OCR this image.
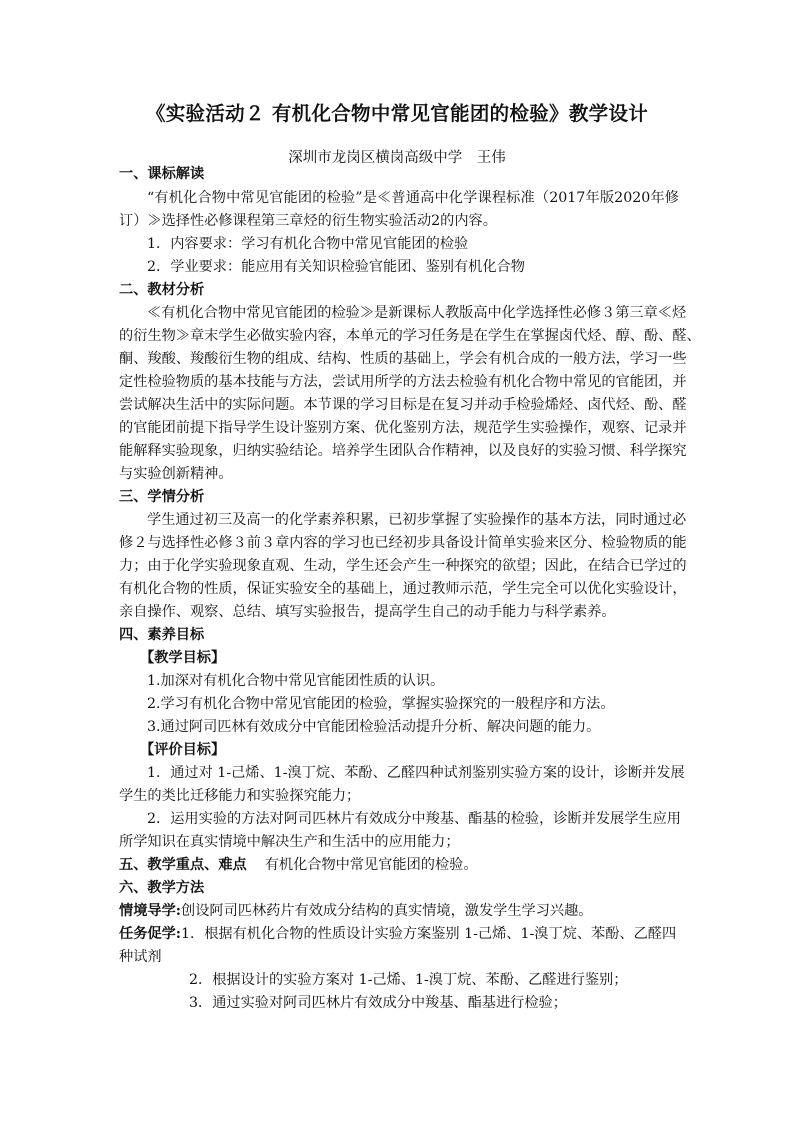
《实验活动２ 有机化合物中常见官能团的检验》教学设计
深圳市龙岗区横岗高级中学　王伟
一、课标解读
“有机化合物中常见官能团的检验”是≪普通高中化学课程标准（2017年版2020年修
订）≫选择性必修课程第三章烃的衍生物实验活动2的内容。
1．内容要求：学习有机化合物中常见官能团的检验
2．学业要求：能应用有关知识检验官能团、鉴别有机化合物
二、教材分析
≪有机化合物中常见官能团的检验≫是新课标人教版高中化学选择性必修３第三章≪烃
的衍生物≫章末学生必做实验内容，本单元的学习任务是在学生在掌握卤代烃、醇、酚、醛、
酮、羧酸、羧酸衍生物的组成、结构、性质的基础上，学会有机合成的一般方法，学习一些
定性检验物质的基本技能与方法，尝试用所学的方法去检验有机化合物中常见的官能团，并
尝试解决生活中的实际问题。本节课的学习目标是在复习并动手检验烯烃、卤代烃、酚、醛
的官能团前提下指导学生设计鉴别方案、优化鉴别方法，规范学生实验操作，观察、记录并
能解释实验现象，归纳实验结论。培养学生团队合作精神，以及良好的实验习惯、科学探究
与实验创新精神。
三、学情分析
学生通过初三及高一的化学素养积累，已初步掌握了实验操作的基本方法，同时通过必
修２与选择性必修３前３章内容的学习也已经初步具备设计简单实验来区分、检验物质的能
力；由于化学实验现象直观、生动，学生还会产生一种探究的欲望；因此，在结合已学过的
有机化合物的性质，保证实验安全的基础上，通过教师示范，学生完全可以优化实验设计，
亲自操作、观察、总结、填写实验报告，提高学生自己的动手能力与科学素养。
四、素养目标
【教学目标】
1.加深对有机化合物中常见官能团性质的认识。
2.学习有机化合物中常见官能团的检验，掌握实验探究的一般程序和方法。
3.通过阿司匹林有效成分中官能团检验活动提升分析、解决问题的能力。
【评价目标】
1．通过对 1-己烯、1-溴丁烷、苯酚、乙醛四种试剂鉴别实验方案的设计，诊断并发展
学生的类比迁移能力和实验探究能力；
2．运用实验的方法对阿司匹林片有效成分中羧基、酯基的检验，诊断并发展学生应用
所学知识在真实情境中解决生产和生活中的应用能力；
五、教学重点、难点 有机化合物中常见官能团的检验。
六、教学方法
情境导学:创设阿司匹林药片有效成分结构的真实情境，激发学生学习兴趣。
任务促学:1．根据有机化合物的性质设计实验方案鉴别 1-己烯、1-溴丁烷、苯酚、乙醛四
种试剂
2．根据设计的实验方案对 1-己烯、1-溴丁烷、苯酚、乙醛进行鉴别；
3．通过实验对阿司匹林片有效成分中羧基、酯基进行检验；
